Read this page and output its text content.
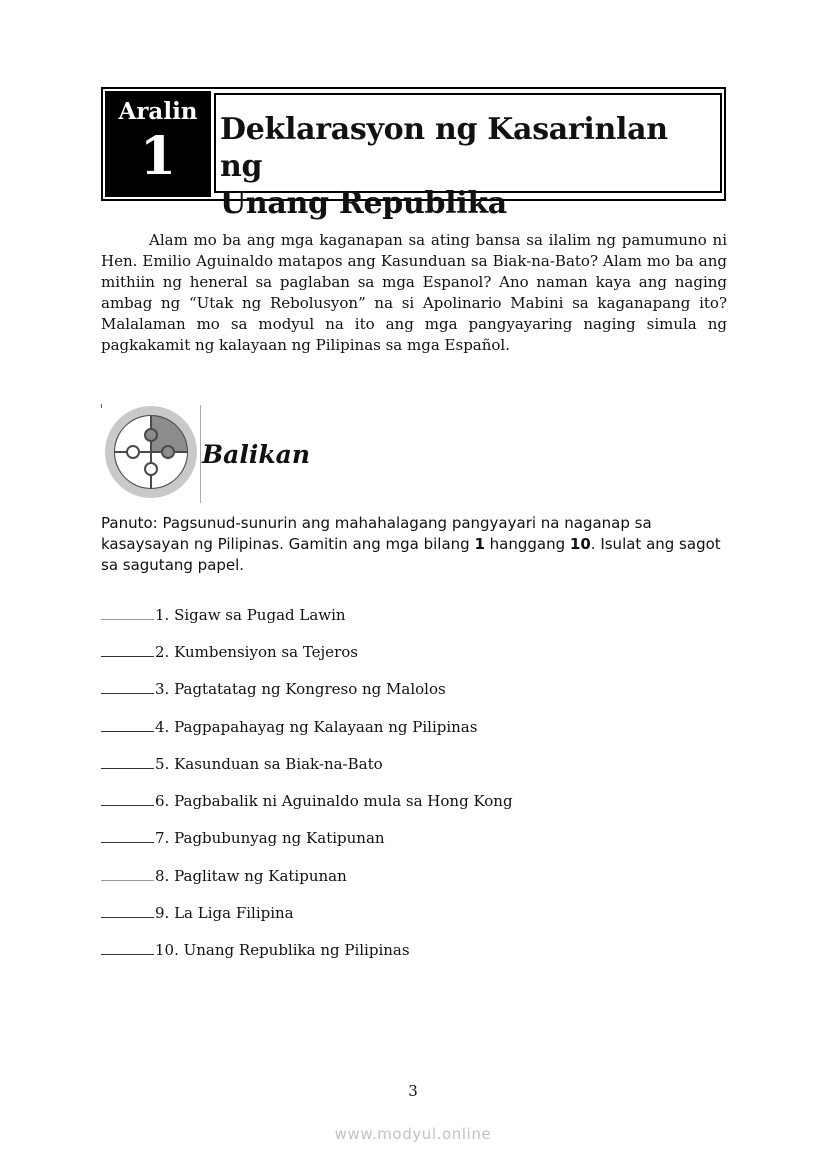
Aralin
1	Deklarasyon ng Kasarinlan ng
Unang Republika

Alam mo ba ang mga kaganapan sa ating bansa sa ilalim ng pamumuno ni Hen. Emilio Aguinaldo matapos ang Kasunduan sa Biak-na-Bato? Alam mo ba ang mithiin ng heneral sa paglaban sa mga Espanol? Ano naman kaya ang naging ambag ng “Utak ng Rebolusyon” na si Apolinario Mabini sa kaganapang ito? Malalaman mo sa modyul na ito ang mga pangyayaring naging simula ng pagkakamit ng kalayaan ng Pilipinas sa mga Español.

Balikan

Panuto: Pagsunud-sunurin ang mahahalagang pangyayari na naganap sa kasaysayan ng Pilipinas. Gamitin ang mga bilang 1 hanggang 10. Isulat ang sagot sa sagutang papel.

1. Sigaw sa Pugad Lawin
2. Kumbensiyon sa Tejeros
3. Pagtatatag ng Kongreso ng Malolos
4. Pagpapahayag ng Kalayaan ng Pilipinas
5. Kasunduan sa Biak-na-Bato
6. Pagbabalik ni Aguinaldo mula sa Hong Kong
7. Pagbubunyag ng Katipunan
8. Paglitaw ng Katipunan
9. La Liga Filipina
10. Unang Republika ng Pilipinas
3
www.modyul.online
